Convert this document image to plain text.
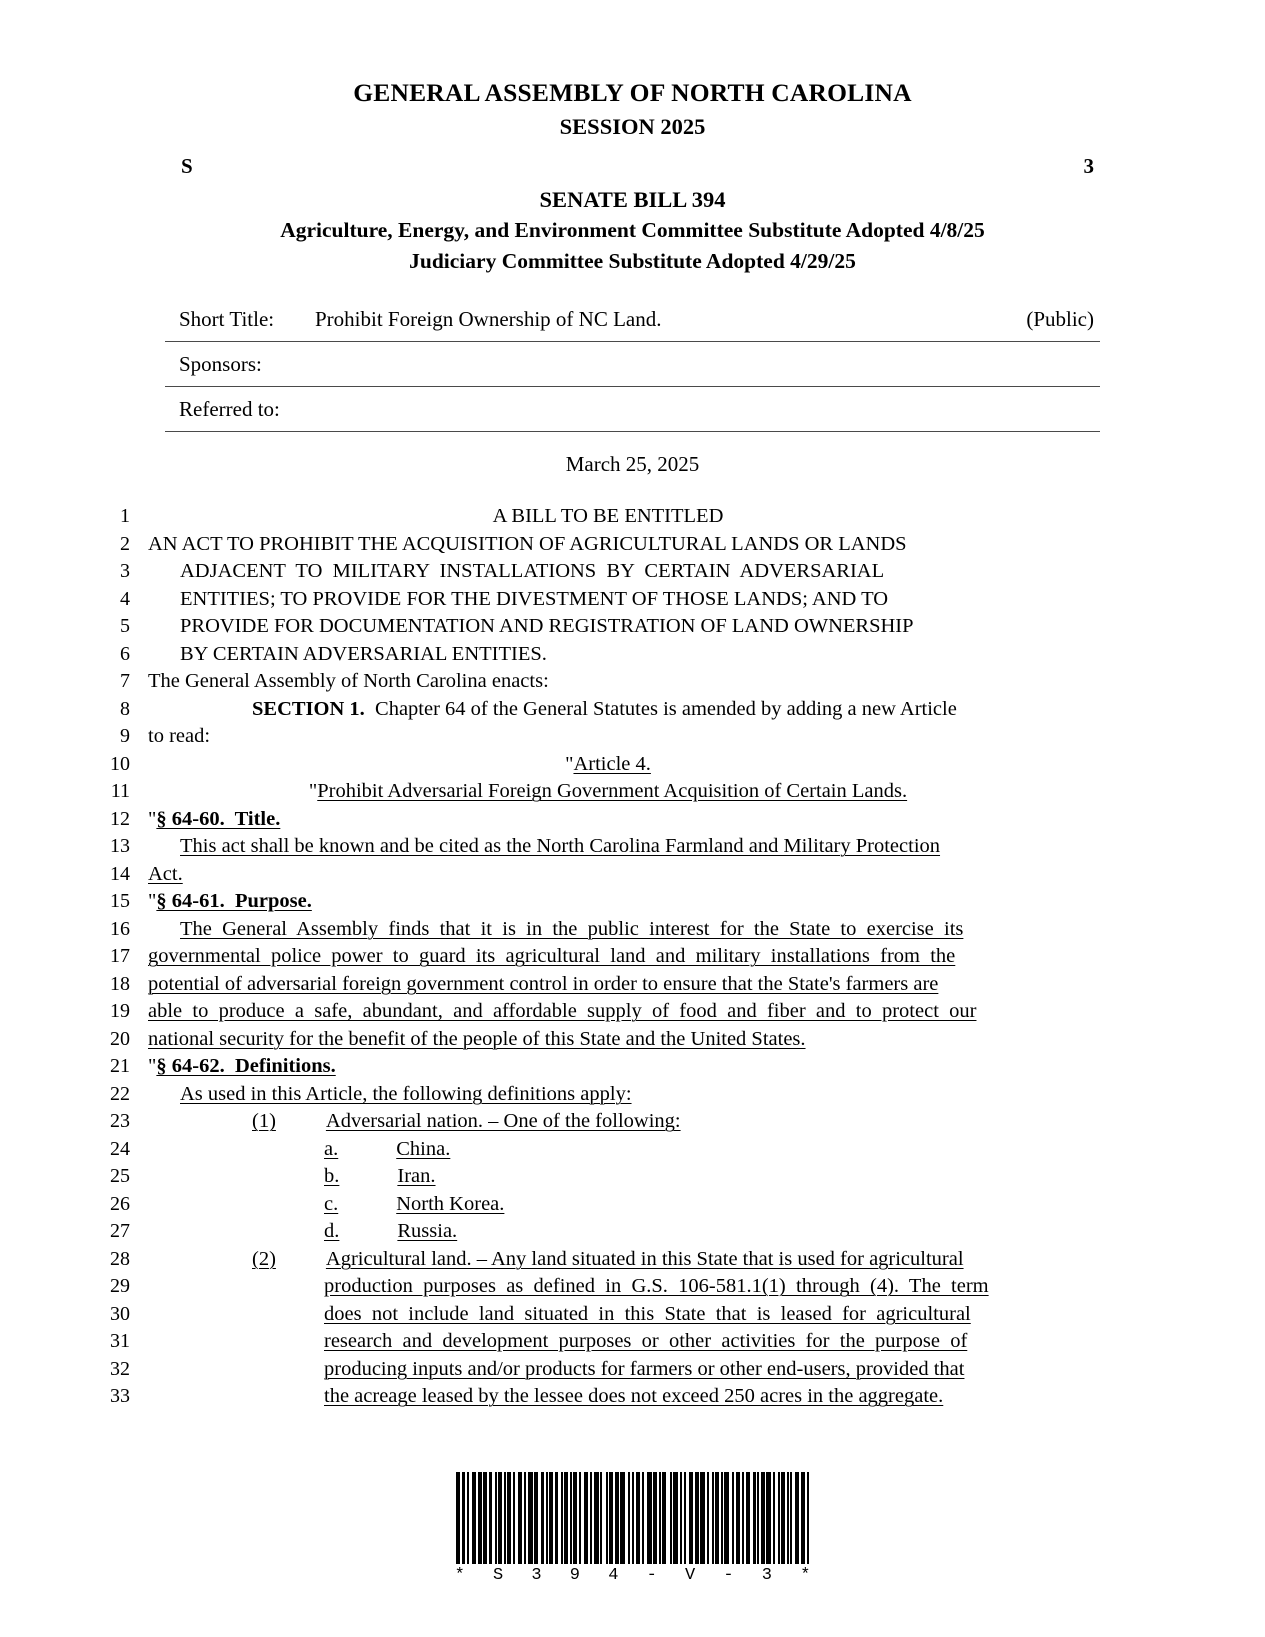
GENERAL ASSEMBLY OF NORTH CAROLINA
SESSION 2025
S	3
SENATE BILL 394
Agriculture, Energy, and Environment Committee Substitute Adopted 4/8/25
Judiciary Committee Substitute Adopted 4/29/25
Short Title:	Prohibit Foreign Ownership of NC Land.	(Public)
Sponsors:
Referred to:
March 25, 2025
1	A BILL TO BE ENTITLED
2 AN ACT TO PROHIBIT THE ACQUISITION OF AGRICULTURAL LANDS OR LANDS
3	ADJACENT  TO  MILITARY  INSTALLATIONS  BY  CERTAIN  ADVERSARIAL
4	ENTITIES; TO PROVIDE FOR THE DIVESTMENT OF THOSE LANDS; AND TO
5	PROVIDE FOR DOCUMENTATION AND REGISTRATION OF LAND OWNERSHIP
6	BY CERTAIN ADVERSARIAL ENTITIES.
7 The General Assembly of North Carolina enacts:
8	SECTION 1.  Chapter 64 of the General Statutes is amended by adding a new Article
9 to read:
10	"Article 4.
11	"Prohibit Adversarial Foreign Government Acquisition of Certain Lands.
12 "§ 64-60.  Title.
13	This act shall be known and be cited as the North Carolina Farmland and Military Protection
14 Act.
15 "§ 64-61.  Purpose.
16	The  General  Assembly  finds  that  it  is  in  the  public  interest  for  the  State  to  exercise  its
17 governmental  police  power  to  guard  its  agricultural  land  and  military  installations  from  the
18 potential of adversarial foreign government control in order to ensure that the State's farmers are
19 able  to  produce  a  safe,  abundant,  and  affordable  supply  of  food  and  fiber  and  to  protect  our
20 national security for the benefit of the people of this State and the United States.
21 "§ 64-62.  Definitions.
22	As used in this Article, the following definitions apply:
23	(1) Adversarial nation. – One of the following:
24	a.	China.
25	b.	Iran.
26	c.	North Korea.
27	d.	Russia.
28	(2) Agricultural land. – Any land situated in this State that is used for agricultural
29	production  purposes  as  defined  in  G.S.  106-581.1(1)  through  (4).  The  term
30	does  not  include  land  situated  in  this  State  that  is  leased  for  agricultural
31	research  and  development  purposes  or  other  activities  for  the  purpose  of
32	producing inputs and/or products for farmers or other end-users, provided that
33	the acreage leased by the lessee does not exceed 250 acres in the aggregate.
* S 3 9 4 - V - 3 *
